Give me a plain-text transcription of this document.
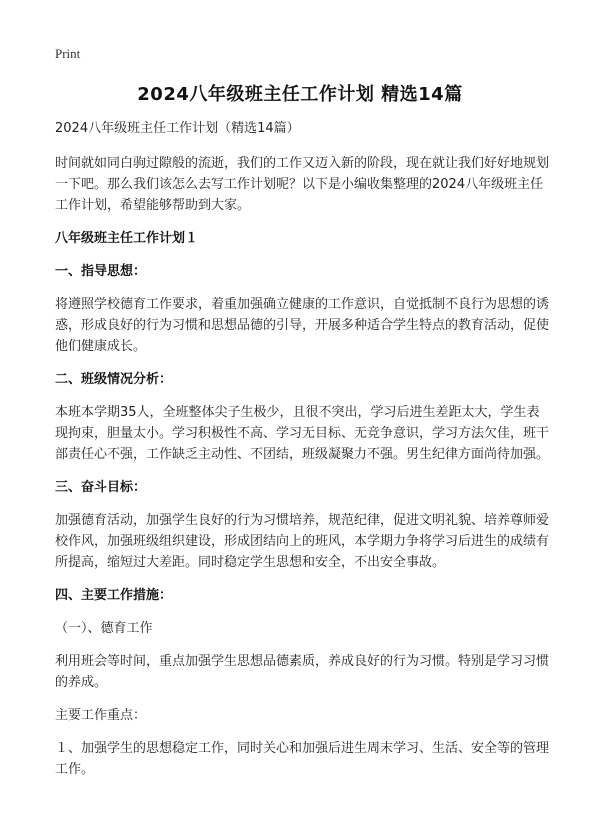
Print
2024八年级班主任工作计划 精选14篇

2024八年级班主任工作计划（精选14篇）

时间就如同白驹过隙般的流逝，我们的工作又迈入新的阶段，现在就让我们好好地规划一下吧。那么我们该怎么去写工作计划呢？以下是小编收集整理的2024八年级班主任工作计划，希望能够帮助到大家。

八年级班主任工作计划１

一、指导思想：

将遵照学校德育工作要求，着重加强确立健康的工作意识，自觉抵制不良行为思想的诱惑，形成良好的行为习惯和思想品德的引导，开展多种适合学生特点的教育活动，促使他们健康成长。

二、班级情况分析：

本班本学期35人，全班整体尖子生极少，且很不突出，学习后进生差距太大，学生表现拘束，胆量太小。学习积极性不高、学习无目标、无竞争意识，学习方法欠佳，班干部责任心不强，工作缺乏主动性、不团结，班级凝聚力不强。男生纪律方面尚待加强。

三、奋斗目标：

加强德育活动，加强学生良好的行为习惯培养，规范纪律，促进文明礼貌、培养尊师爱校作风，加强班级组织建设，形成团结向上的班风，本学期力争将学习后进生的成绩有所提高，缩短过大差距。同时稳定学生思想和安全，不出安全事故。

四、主要工作措施：

（一）、德育工作

利用班会等时间，重点加强学生思想品德素质，养成良好的行为习惯。特别是学习习惯的养成。

主要工作重点：

１、加强学生的思想稳定工作，同时关心和加强后进生周末学习、生活、安全等的管理工作。
